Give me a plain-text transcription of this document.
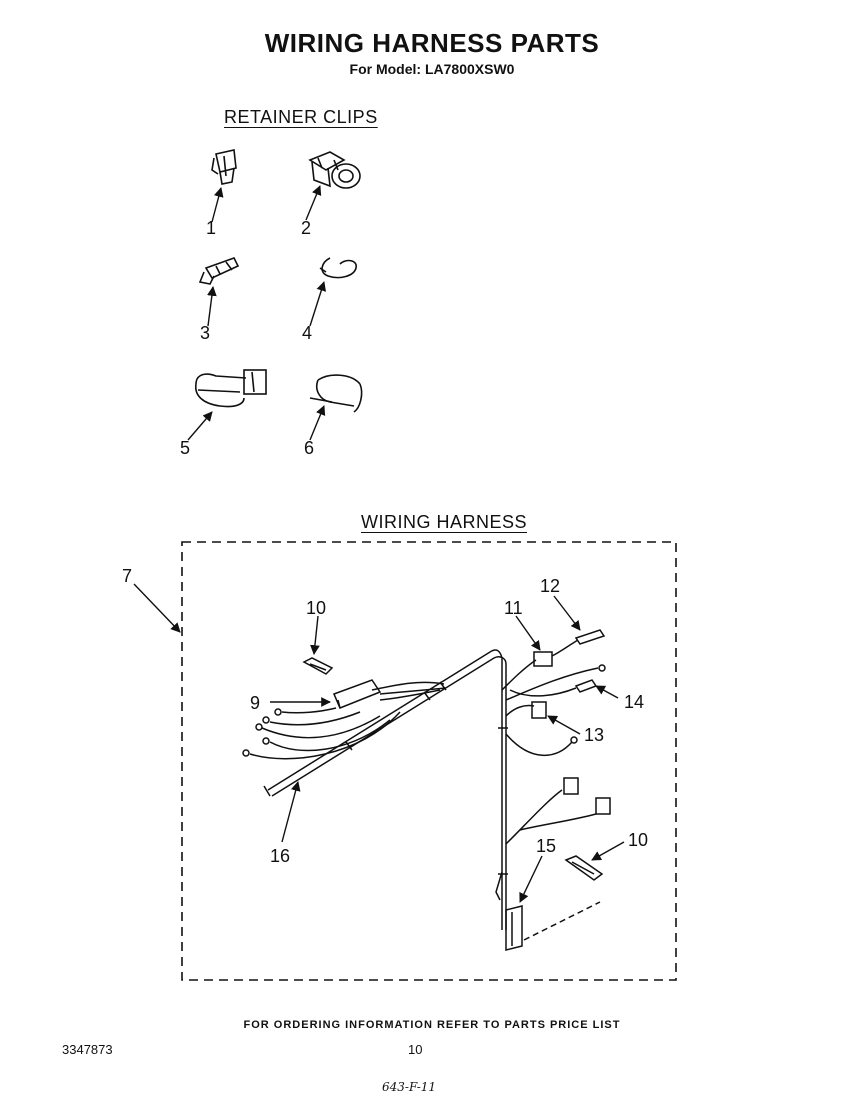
WIRING HARNESS PARTS
For Model: LA7800XSW0
RETAINER CLIPS
WIRING HARNESS
1	2
3	4
5	6
7
10
9
16
11
12
14
13
10
15
FOR ORDERING INFORMATION REFER TO PARTS PRICE LIST
3347873	10
643-F-11
